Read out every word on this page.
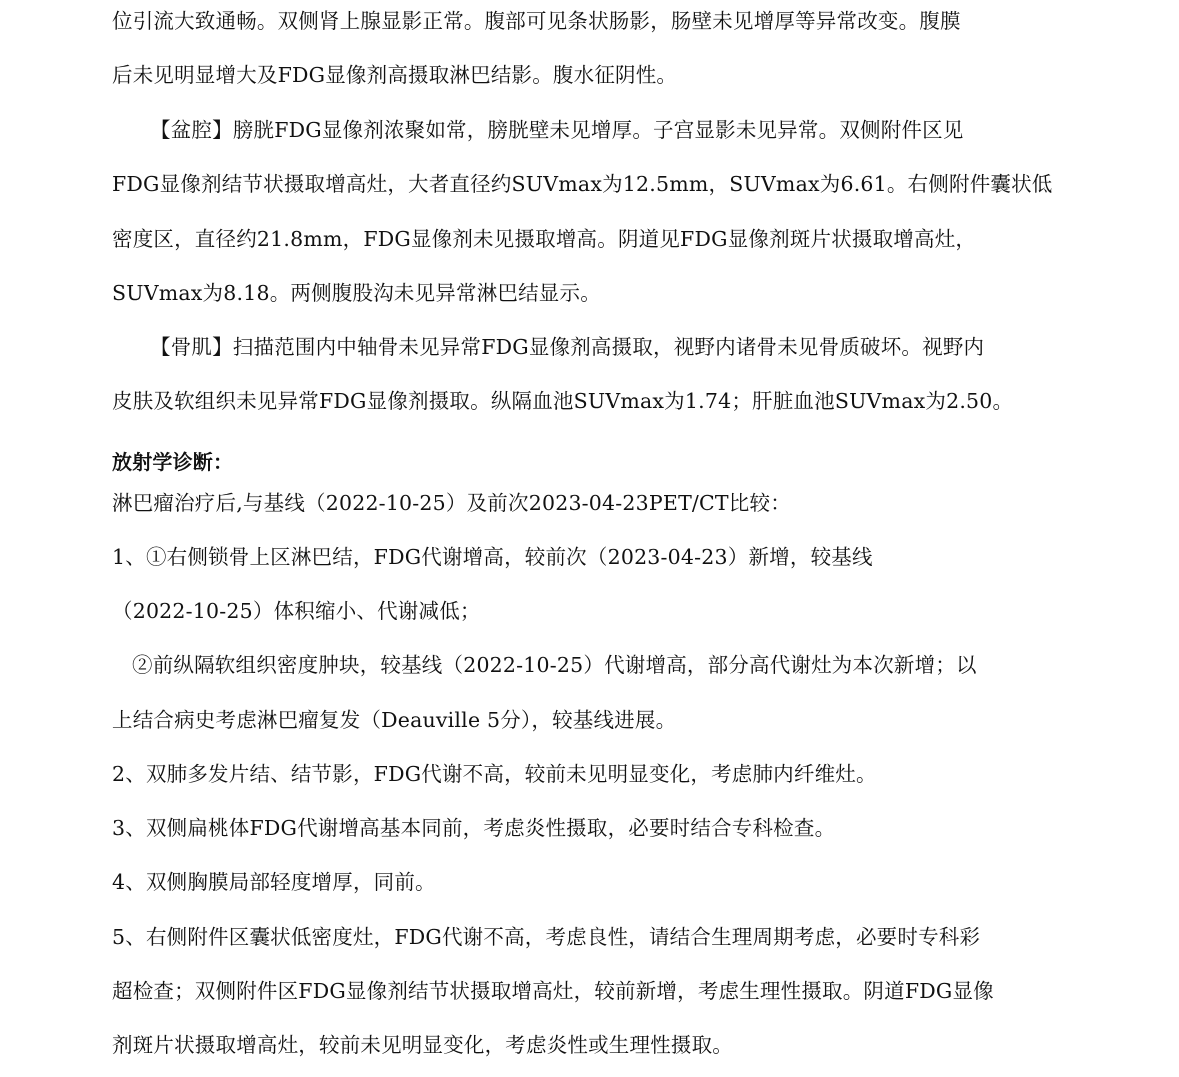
位引流大致通畅。双侧肾上腺显影正常。腹部可见条状肠影，肠壁未见增厚等异常改变。腹膜
后未见明显增大及FDG显像剂高摄取淋巴结影。腹水征阴性。
【盆腔】膀胱FDG显像剂浓聚如常，膀胱壁未见增厚。子宫显影未见异常。双侧附件区见
FDG显像剂结节状摄取增高灶，大者直径约SUVmax为12.5mm，SUVmax为6.61。右侧附件囊状低
密度区，直径约21.8mm，FDG显像剂未见摄取增高。阴道见FDG显像剂斑片状摄取增高灶，
SUVmax为8.18。两侧腹股沟未见异常淋巴结显示。
【骨肌】扫描范围内中轴骨未见异常FDG显像剂高摄取，视野内诸骨未见骨质破坏。视野内
皮肤及软组织未见异常FDG显像剂摄取。纵隔血池SUVmax为1.74；肝脏血池SUVmax为2.50。
放射学诊断：
淋巴瘤治疗后,与基线（2022-10-25）及前次2023-04-23PET/CT比较：
1、①右侧锁骨上区淋巴结，FDG代谢增高，较前次（2023-04-23）新增，较基线
（2022-10-25）体积缩小、代谢减低；
②前纵隔软组织密度肿块，较基线（2022-10-25）代谢增高，部分高代谢灶为本次新增；以
上结合病史考虑淋巴瘤复发（Deauville 5分），较基线进展。
2、双肺多发片结、结节影，FDG代谢不高，较前未见明显变化，考虑肺内纤维灶。
3、双侧扁桃体FDG代谢增高基本同前，考虑炎性摄取，必要时结合专科检查。
4、双侧胸膜局部轻度增厚，同前。
5、右侧附件区囊状低密度灶，FDG代谢不高，考虑良性，请结合生理周期考虑，必要时专科彩
超检查；双侧附件区FDG显像剂结节状摄取增高灶，较前新增，考虑生理性摄取。阴道FDG显像
剂斑片状摄取增高灶，较前未见明显变化，考虑炎性或生理性摄取。
